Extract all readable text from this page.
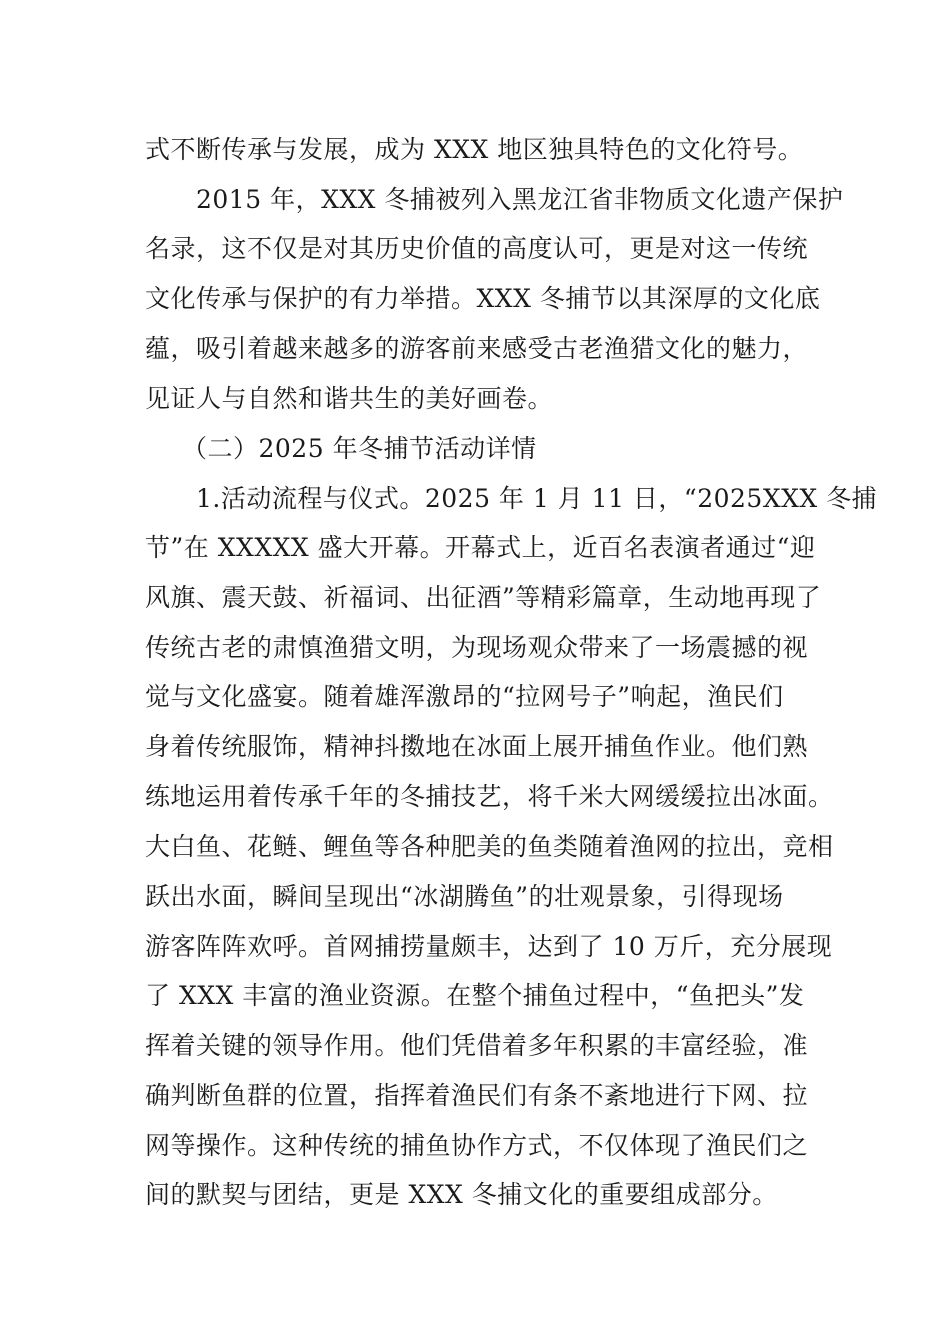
式不断传承与发展，成为 XXX 地区独具特色的文化符号。
2015 年，XXX 冬捕被列入黑龙江省非物质文化遗产保护
名录，这不仅是对其历史价值的高度认可，更是对这一传统
文化传承与保护的有力举措。XXX 冬捕节以其深厚的文化底
蕴，吸引着越来越多的游客前来感受古老渔猎文化的魅力，
见证人与自然和谐共生的美好画卷。
（二）2025 年冬捕节活动详情
1.活动流程与仪式。2025 年 1 月 11 日，“2025XXX 冬捕
节”在 XXXXX 盛大开幕。开幕式上，近百名表演者通过“迎
风旗、震天鼓、祈福词、出征酒”等精彩篇章，生动地再现了
传统古老的肃慎渔猎文明，为现场观众带来了一场震撼的视
觉与文化盛宴。随着雄浑激昂的“拉网号子”响起，渔民们
身着传统服饰，精神抖擞地在冰面上展开捕鱼作业。他们熟
练地运用着传承千年的冬捕技艺，将千米大网缓缓拉出冰面。
大白鱼、花鲢、鲤鱼等各种肥美的鱼类随着渔网的拉出，竞相
跃出水面，瞬间呈现出“冰湖腾鱼”的壮观景象，引得现场
游客阵阵欢呼。首网捕捞量颇丰，达到了 10 万斤，充分展现
了 XXX 丰富的渔业资源。在整个捕鱼过程中，“鱼把头”发
挥着关键的领导作用。他们凭借着多年积累的丰富经验，准
确判断鱼群的位置，指挥着渔民们有条不紊地进行下网、拉
网等操作。这种传统的捕鱼协作方式，不仅体现了渔民们之
间的默契与团结，更是 XXX 冬捕文化的重要组成部分。
